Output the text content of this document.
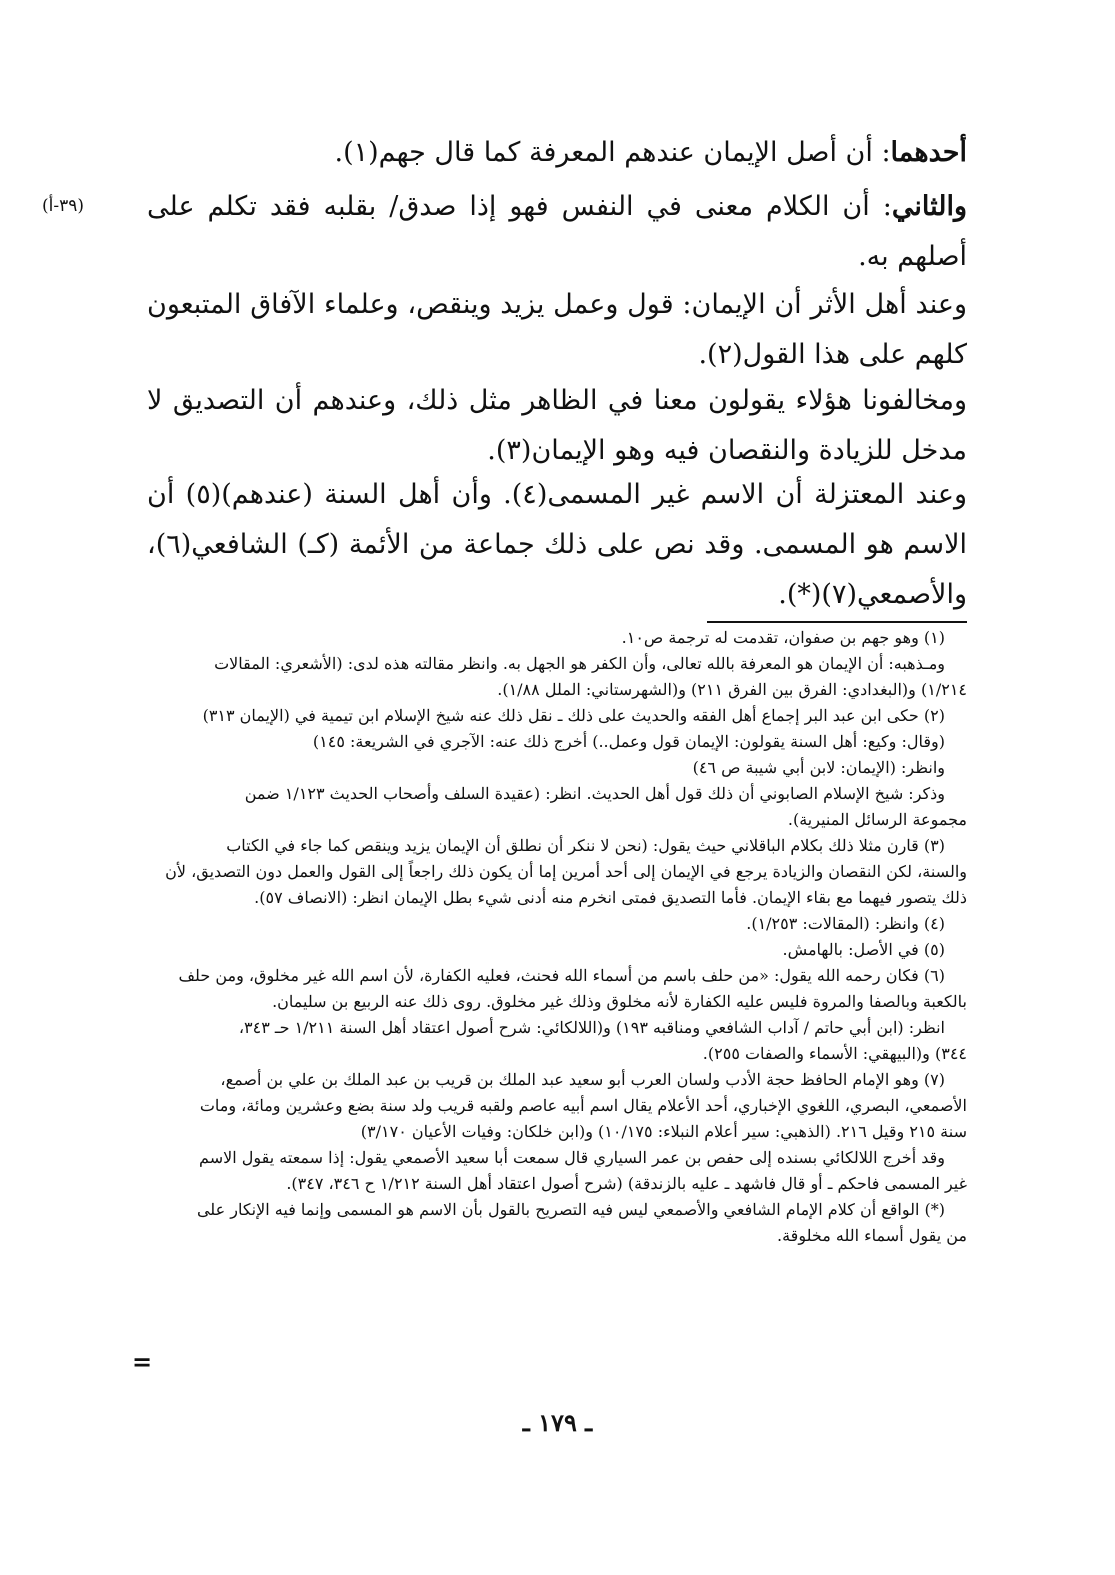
أحدهما: أن أصل الإيمان عندهم المعرفة كما قال جهم(١).

والثاني: أن الكلام معنى في النفس فهو إذا صدق/ بقلبه فقد تكلم على أصلهم به.

(٣٩-أ)

وعند أهل الأثر أن الإيمان: قول وعمل يزيد وينقص، وعلماء الآفاق المتبعون كلهم على هذا القول(٢).

ومخالفونا هؤلاء يقولون معنا في الظاهر مثل ذلك، وعندهم أن التصديق لا مدخل للزيادة والنقصان فيه وهو الإيمان(٣).

وعند المعتزلة أن الاسم غير المسمى(٤). وأن أهل السنة (عندهم)(٥) أن الاسم هو المسمى. وقد نص على ذلك جماعة من الأئمة (كـ) الشافعي(٦)، والأصمعي(٧)(*).

(١) وهو جهم بن صفوان، تقدمت له ترجمة ص١٠.
ومـذهبه: أن الإيمان هو المعرفة بالله تعالى، وأن الكفر هو الجهل به. وانظر مقالته هذه لدى: (الأشعري: المقالات
١/٢١٤) و(البغدادي: الفرق بين الفرق ٢١١) و(الشهرستاني: الملل ١/٨٨).
(٢) حكى ابن عبد البر إجماع أهل الفقه والحديث على ذلك ـ نقل ذلك عنه شيخ الإسلام ابن تيمية في (الإيمان ٣١٣)
(وقال: وكيع: أهل السنة يقولون: الإيمان قول وعمل..) أخرج ذلك عنه: الآجري في الشريعة: ١٤٥)
وانظر: (الإيمان: لابن أبي شيبة ص ٤٦)
وذكر: شيخ الإسلام الصابوني أن ذلك قول أهل الحديث. انظر: (عقيدة السلف وأصحاب الحديث ١/١٢٣ ضمن
مجموعة الرسائل المنيرية).
(٣) قارن مثلا ذلك بكلام الباقلاني حيث يقول: (نحن لا ننكر أن نطلق أن الإيمان يزيد وينقص كما جاء في الكتاب
والسنة، لكن النقصان والزيادة يرجع في الإيمان إلى أحد أمرين إما أن يكون ذلك راجعاً إلى القول والعمل دون التصديق، لأن
ذلك يتصور فيهما مع بقاء الإيمان. فأما التصديق فمتى انخرم منه أدنى شيء بطل الإيمان انظر: (الانصاف ٥٧).
(٤) وانظر: (المقالات: ١/٢٥٣).
(٥) في الأصل: بالهامش.
(٦) فكان رحمه الله يقول: «من حلف باسم من أسماء الله فحنث، فعليه الكفارة، لأن اسم الله غير مخلوق، ومن حلف
بالكعبة وبالصفا والمروة فليس عليه الكفارة لأنه مخلوق وذلك غير مخلوق. روى ذلك عنه الربيع بن سليمان.
انظر: (ابن أبي حاتم / آداب الشافعي ومناقبه ١٩٣) و(اللالكائي: شرح أصول اعتقاد أهل السنة ١/٢١١ حـ ٣٤٣،
٣٤٤) و(البيهقي: الأسماء والصفات ٢٥٥).
(٧) وهو الإمام الحافظ حجة الأدب ولسان العرب أبو سعيد عبد الملك بن قريب بن عبد الملك بن علي بن أصمع،
الأصمعي، البصري، اللغوي الإخباري، أحد الأعلام يقال اسم أبيه عاصم ولقبه قريب ولد سنة بضع وعشرين ومائة، ومات
سنة ٢١٥ وقيل ٢١٦. (الذهبي: سير أعلام النبلاء: ١٠/١٧٥) و(ابن خلكان: وفيات الأعيان ٣/١٧٠)
وقد أخرج اللالكائي بسنده إلى حفص بن عمر السياري قال سمعت أبا سعيد الأصمعي يقول: إذا سمعته يقول الاسم
غير المسمى فاحكم ـ أو قال فاشهد ـ عليه بالزندقة) (شرح أصول اعتقاد أهل السنة ١/٢١٢ ح ٣٤٦، ٣٤٧).
(*) الواقع أن كلام الإمام الشافعي والأصمعي ليس فيه التصريح بالقول بأن الاسم هو المسمى وإنما فيه الإنكار على
من يقول أسماء الله مخلوقة.
=
ـ ١٧٩ ـ
